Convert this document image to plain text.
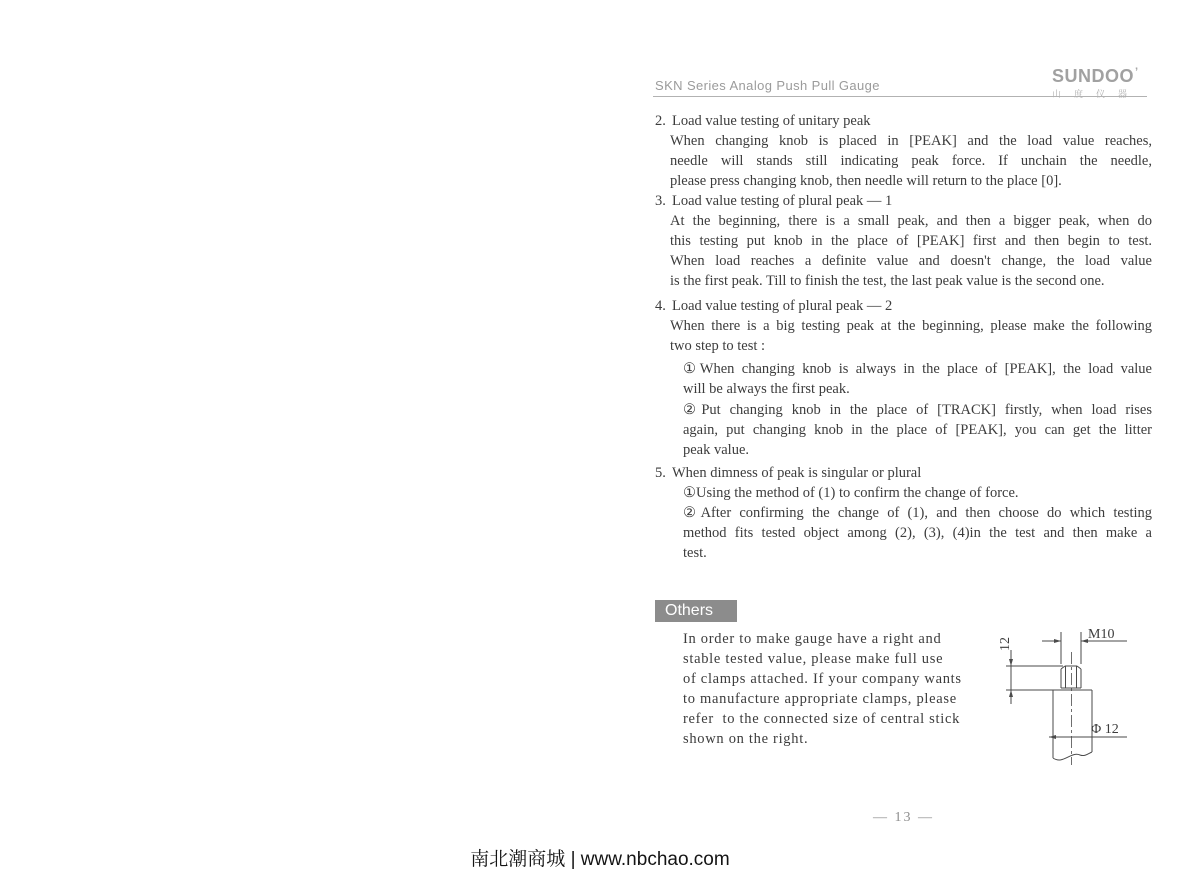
SKN Series Analog Push Pull Gauge	SUNDOO’
山度仪器
2. Load value testing of unitary peak
When changing knob is placed in [PEAK] and the load value reaches,
needle will stands still indicating peak force. If unchain the needle,
please press changing knob, then needle will return to the place [0].
3. Load value testing of plural peak — 1
At the beginning, there is a small peak, and then a bigger peak, when do
this testing put knob in the place of [PEAK] first and then begin to test.
When load reaches a definite value and doesn't change, the load value
is the first peak. Till to finish the test, the last peak value is the second one.
4. Load value testing of plural peak — 2
When there is a big testing peak at the beginning, please make the following
two step to test :
①When changing knob is always in the place of [PEAK], the load value
will be always the first peak.
②Put changing knob in the place of [TRACK] firstly, when load rises
again, put changing knob in the place of [PEAK], you can get the litter
peak value.
5. When dimness of peak is singular or plural
①Using the method of (1) to confirm the change of force.
②After confirming the change of (1), and then choose do which testing
method fits tested object among (2), (3), (4)in the test and then make a
test.
Others
In order to make gauge have a right and
stable tested value, please make full use
of clamps attached. If your company wants
to manufacture appropriate clamps, please
refer  to the connected size of central stick
shown on the right.
M10
12
Φ 12
— 13 —
南北潮商城 | www.nbchao.com
